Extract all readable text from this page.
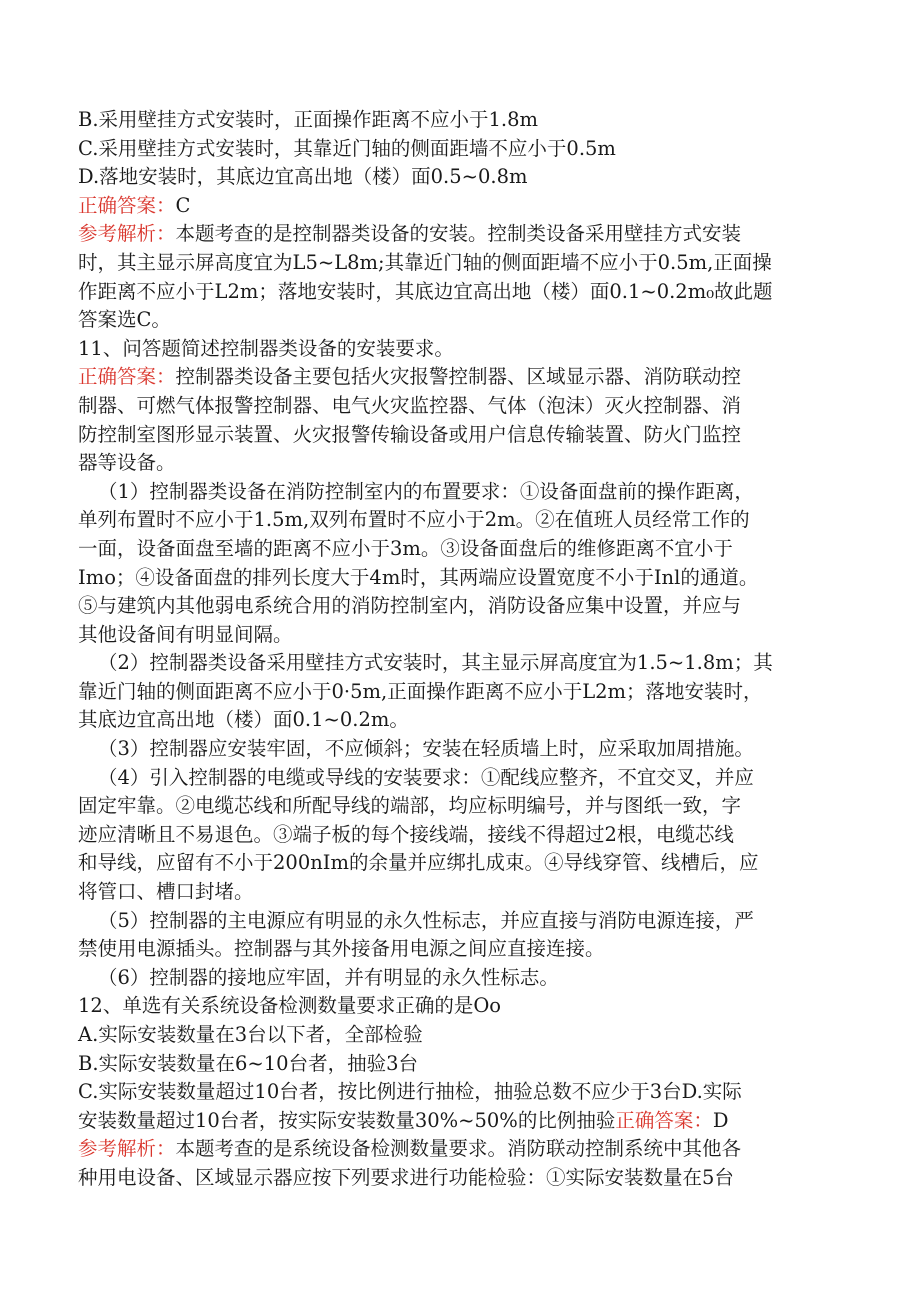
B.采用壁挂方式安装时，正面操作距离不应小于1.8m
C.采用壁挂方式安装时，其靠近门轴的侧面距墙不应小于0.5m
D.落地安装时，其底边宜高出地（楼）面0.5~0.8m
正确答案：C
参考解析：本题考查的是控制器类设备的安装。控制类设备采用壁挂方式安装
时，其主显示屏高度宜为L5~L8m;其靠近门轴的侧面距墙不应小于0.5m,正面操
作距离不应小于L2m；落地安装时，其底边宜高出地（楼）面0.1~0.2m₀故此题
答案选C。
11、问答题简述控制器类设备的安装要求。
正确答案：控制器类设备主要包括火灾报警控制器、区域显示器、消防联动控
制器、可燃气体报警控制器、电气火灾监控器、气体（泡沫）灭火控制器、消
防控制室图形显示装置、火灾报警传输设备或用户信息传输装置、防火门监控
器等设备。
（1）控制器类设备在消防控制室内的布置要求：①设备面盘前的操作距离，
单列布置时不应小于1.5m,双列布置时不应小于2m。②在值班人员经常工作的
一面，设备面盘至墙的距离不应小于3m。③设备面盘后的维修距离不宜小于
Imo；④设备面盘的排列长度大于4m时，其两端应设置宽度不小于Inl的通道。
⑤与建筑内其他弱电系统合用的消防控制室内，消防设备应集中设置，并应与
其他设备间有明显间隔。
（2）控制器类设备采用壁挂方式安装时，其主显示屏高度宜为1.5~1.8m；其
靠近门轴的侧面距离不应小于0·5m,正面操作距离不应小于L2m；落地安装时，
其底边宜高出地（楼）面0.1~0.2m。
（3）控制器应安装牢固，不应倾斜；安装在轻质墙上时，应采取加周措施。
（4）引入控制器的电缆或导线的安装要求：①配线应整齐，不宜交叉，并应
固定牢靠。②电缆芯线和所配导线的端部，均应标明编号，并与图纸一致，字
迹应清晰且不易退色。③端子板的每个接线端，接线不得超过2根，电缆芯线
和导线，应留有不小于200nIm的余量并应绑扎成束。④导线穿管、线槽后，应
将管口、槽口封堵。
（5）控制器的主电源应有明显的永久性标志，并应直接与消防电源连接，严
禁使用电源插头。控制器与其外接备用电源之间应直接连接。
（6）控制器的接地应牢固，并有明显的永久性标志。
12、单选有关系统设备检测数量要求正确的是Oo
A.实际安装数量在3台以下者，全部检验
B.实际安装数量在6~10台者，抽验3台
C.实际安装数量超过10台者，按比例进行抽检，抽验总数不应少于3台D.实际
安装数量超过10台者，按实际安装数量30%~50%的比例抽验正确答案：D
参考解析：本题考查的是系统设备检测数量要求。消防联动控制系统中其他各
种用电设备、区域显示器应按下列要求进行功能检验：①实际安装数量在5台
